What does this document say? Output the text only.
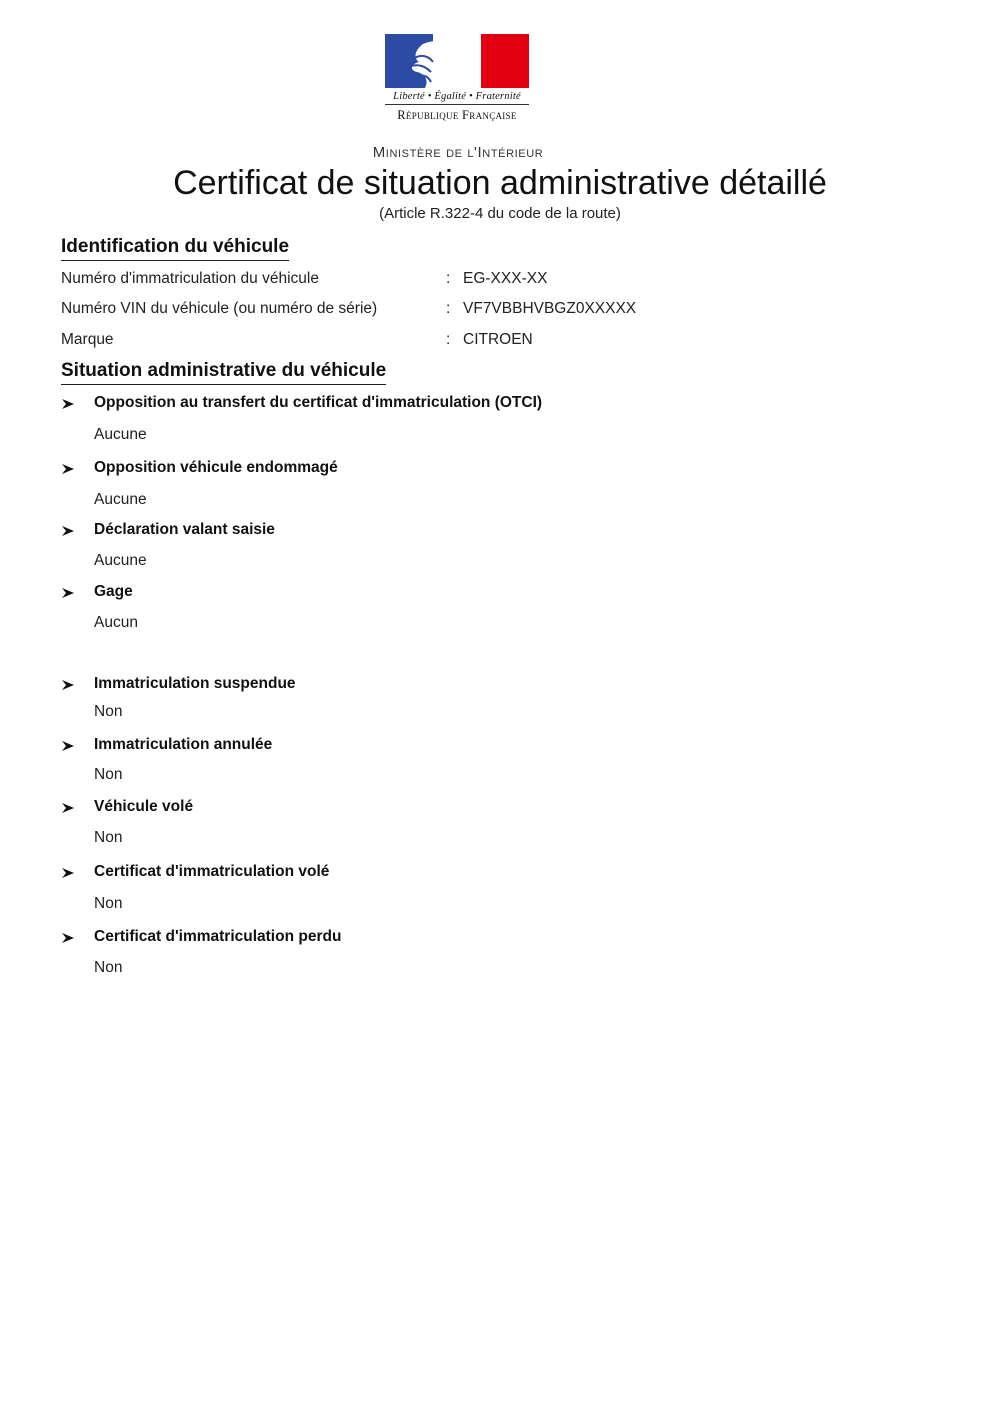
Liberté • Égalité • Fraternité
République Française
Ministère de l'Intérieur
Certificat de situation administrative détaillé
(Article R.322-4 du code de la route)
Identification du véhicule
Numéro d'immatriculation du véhicule	: EG-XXX-XX
Numéro VIN du véhicule (ou numéro de série)	: VF7VBBHVBGZ0XXXXX
Marque	: CITROEN
Situation administrative du véhicule
Opposition au transfert du certificat d'immatriculation (OTCI)
Aucune
Opposition véhicule endommagé
Aucune
Déclaration valant saisie
Aucune
Gage
Aucun
Immatriculation suspendue
Non
Immatriculation annulée
Non
Véhicule volé
Non
Certificat d'immatriculation volé
Non
Certificat d'immatriculation perdu
Non
